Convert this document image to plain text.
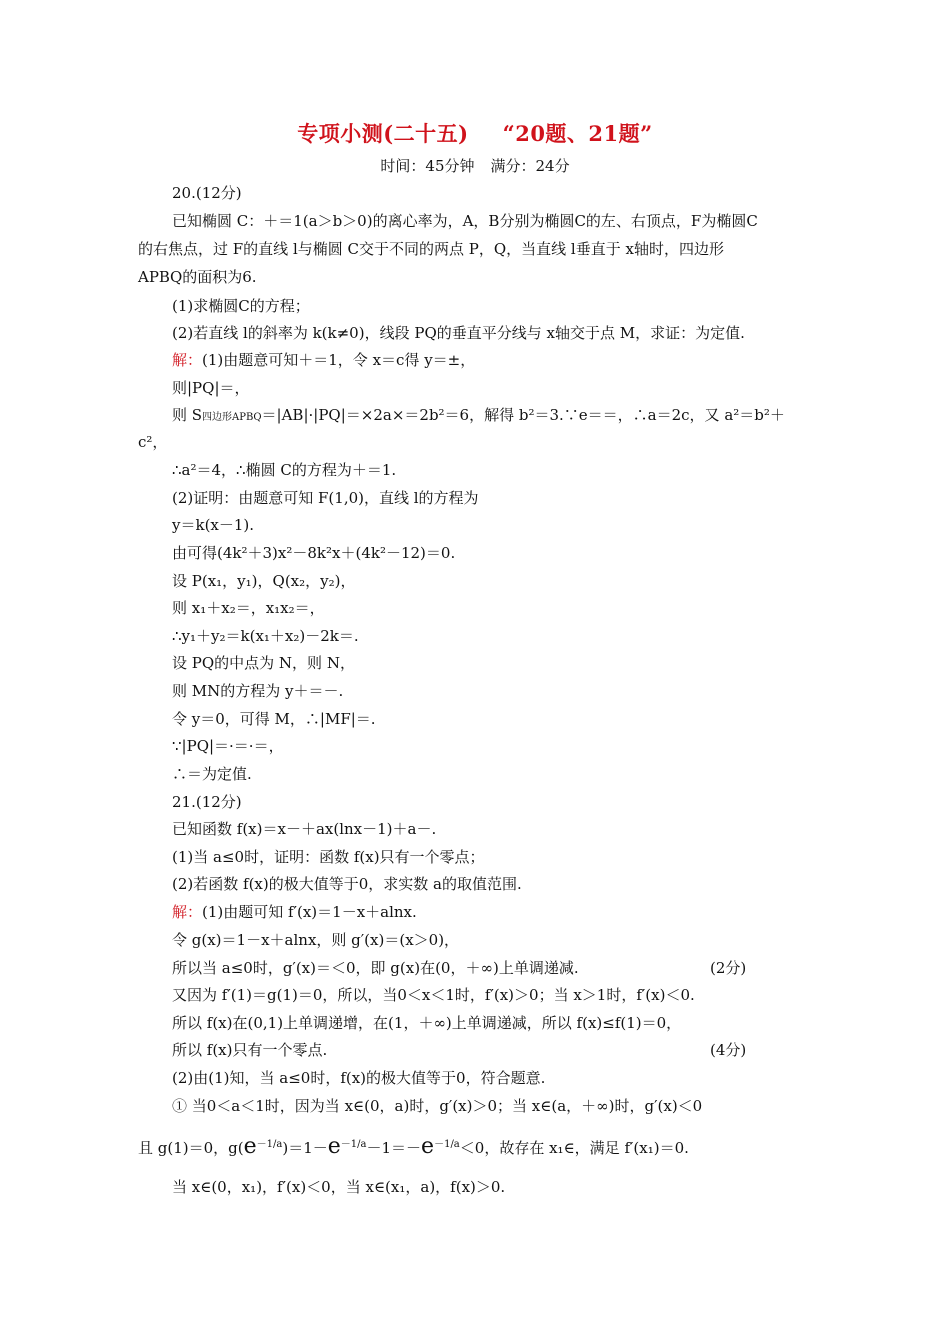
专项小测(二十五) “20题、21题”
时间：45分钟 满分：24分
20.(12分)
已知椭圆 C：＋＝1(a＞b＞0)的离心率为，A，B分别为椭圆C的左、右顶点，F为椭圆C
的右焦点，过 F的直线 l与椭圆 C交于不同的两点 P，Q，当直线 l垂直于 x轴时，四边形
APBQ的面积为6.
(1)求椭圆C的方程；
(2)若直线 l的斜率为 k(k≠0)，线段 PQ的垂直平分线与 x轴交于点 M，求证：为定值.
解：(1)由题意可知＋＝1，令 x＝c得 y＝±，
则|PQ|＝，
则 S四边形APBQ＝|AB|·|PQ|＝×2a×＝2b²＝6，解得 b²＝3.∵e＝＝，∴a＝2c，又 a²＝b²＋
c²，
∴a²＝4，∴椭圆 C的方程为＋＝1.
(2)证明：由题意可知 F(1,0)，直线 l的方程为
y＝k(x－1).
由可得(4k²＋3)x²－8k²x＋(4k²－12)＝0.
设 P(x₁，y₁)，Q(x₂，y₂)，
则 x₁＋x₂＝，x₁x₂＝，
∴y₁＋y₂＝k(x₁＋x₂)－2k＝.
设 PQ的中点为 N，则 N，
则 MN的方程为 y＋＝－.
令 y＝0，可得 M，∴|MF|＝.
∵|PQ|＝·＝·＝，
∴＝为定值.
21.(12分)
已知函数 f(x)＝x－＋ax(lnx－1)＋a－.
(1)当 a≤0时，证明：函数 f(x)只有一个零点；
(2)若函数 f(x)的极大值等于0，求实数 a的取值范围.
解：(1)由题可知 f′(x)＝1－x＋alnx.
令 g(x)＝1－x＋alnx，则 g′(x)＝(x＞0)，
所以当 a≤0时，g′(x)＝＜0，即 g(x)在(0，＋∞)上单调递减.	(2分)
又因为 f′(1)＝g(1)＝0，所以，当0＜x＜1时，f′(x)＞0；当 x＞1时，f′(x)＜0.
所以 f(x)在(0,1)上单调递增，在(1，＋∞)上单调递减，所以 f(x)≤f(1)＝0，
所以 f(x)只有一个零点.	(4分)
(2)由(1)知，当 a≤0时，f(x)的极大值等于0，符合题意.
① 当0＜a＜1时，因为当 x∈(0，a)时，g′(x)＞0；当 x∈(a，＋∞)时，g′(x)＜0
且 g(1)＝0，$g(e^{-1/a})=1-e^{-1/a}-1=-e^{-1/a}<0$，故存在 x₁∈，满足 f′(x₁)＝0.
当 x∈(0，x₁)，f′(x)＜0，当 x∈(x₁，a)，f(x)＞0.
